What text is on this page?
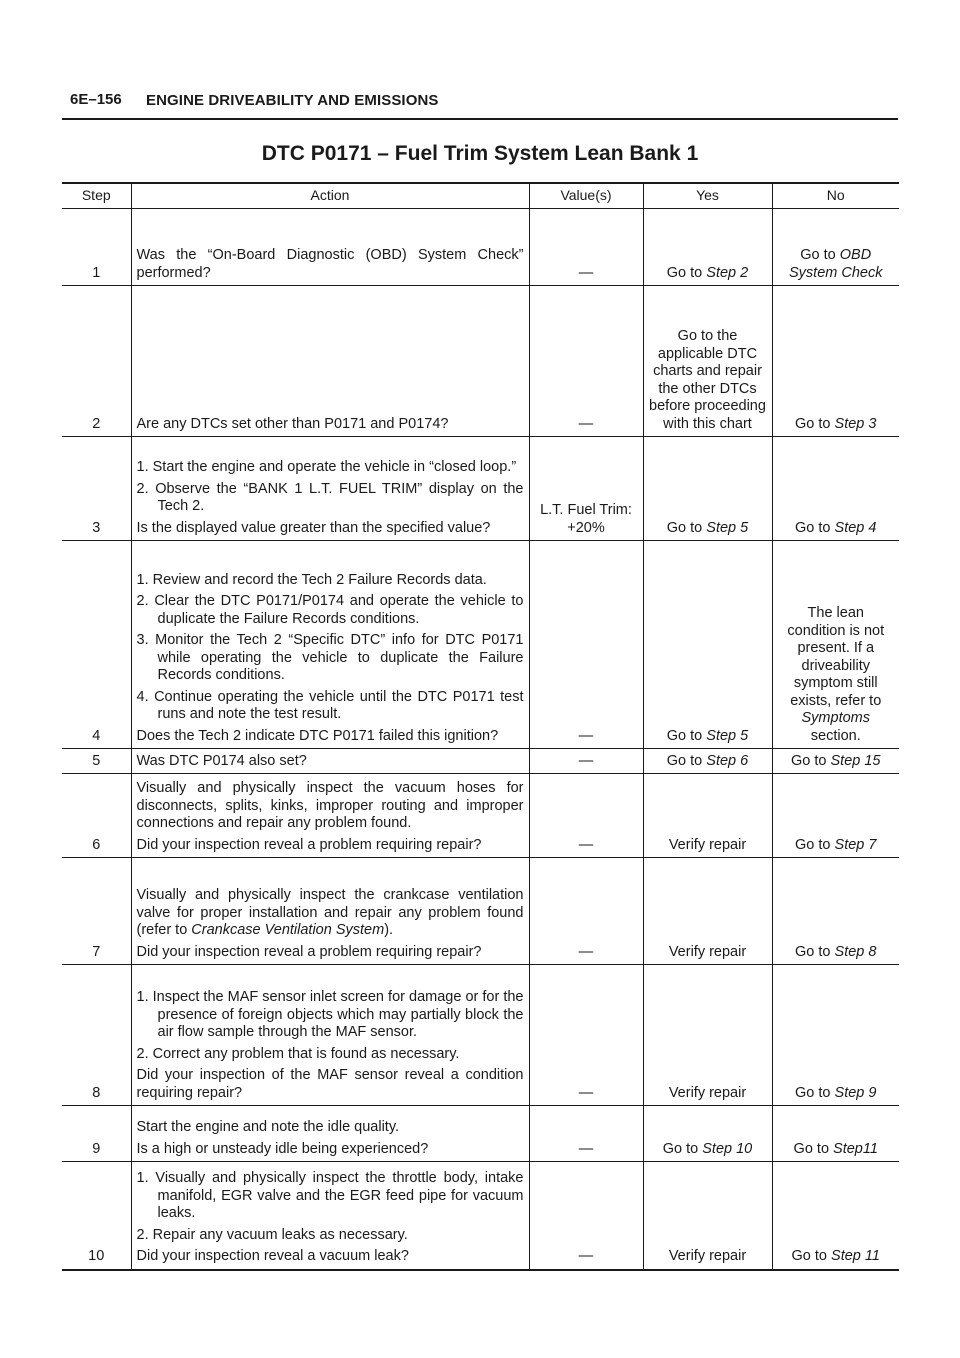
6E–156 ENGINE DRIVEABILITY AND EMISSIONS
DTC P0171 – Fuel Trim System Lean Bank 1
Step	Action	Value(s)	Yes	No
1	Was the “On-Board Diagnostic (OBD) System Check” performed?	—	Go to Step 2	Go to OBD System Check
2	Are any DTCs set other than P0171 and P0174?	—	Go to the applicable DTC charts and repair the other DTCs before proceeding with this chart	Go to Step 3
3	1. Start the engine and operate the vehicle in “closed loop.”
2. Observe the “BANK 1 L.T. FUEL TRIM” display on the Tech 2.
Is the displayed value greater than the specified value?	L.T. Fuel Trim: +20%	Go to Step 5	Go to Step 4
4	1. Review and record the Tech 2 Failure Records data.
2. Clear the DTC P0171/P0174 and operate the vehicle to duplicate the Failure Records conditions.
3. Monitor the Tech 2 “Specific DTC” info for DTC P0171 while operating the vehicle to duplicate the Failure Records conditions.
4. Continue operating the vehicle until the DTC P0171 test runs and note the test result.
Does the Tech 2 indicate DTC P0171 failed this ignition?	—	Go to Step 5	The lean condition is not present. If a driveability symptom still exists, refer to Symptoms section.
5	Was DTC P0174 also set?	—	Go to Step 6	Go to Step 15
6	Visually and physically inspect the vacuum hoses for disconnects, splits, kinks, improper routing and improper connections and repair any problem found.
Did your inspection reveal a problem requiring repair?	—	Verify repair	Go to Step 7
7	Visually and physically inspect the crankcase ventilation valve for proper installation and repair any problem found (refer to Crankcase Ventilation System).
Did your inspection reveal a problem requiring repair?	—	Verify repair	Go to Step 8
8	1. Inspect the MAF sensor inlet screen for damage or for the presence of foreign objects which may partially block the air flow sample through the MAF sensor.
2. Correct any problem that is found as necessary.
Did your inspection of the MAF sensor reveal a condition requiring repair?	—	Verify repair	Go to Step 9
9	Start the engine and note the idle quality.
Is a high or unsteady idle being experienced?	—	Go to Step 10	Go to Step11
10	1. Visually and physically inspect the throttle body, intake manifold, EGR valve and the EGR feed pipe for vacuum leaks.
2. Repair any vacuum leaks as necessary.
Did your inspection reveal a vacuum leak?	—	Verify repair	Go to Step 11
